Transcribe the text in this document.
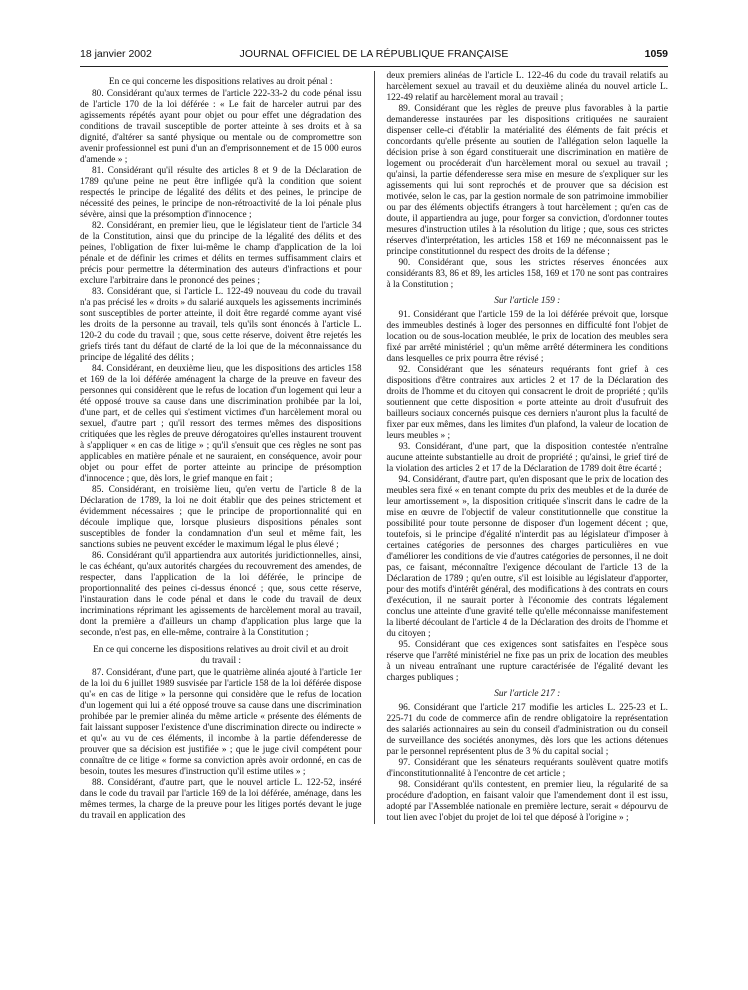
18 janvier 2002	JOURNAL OFFICIEL DE LA RÉPUBLIQUE FRANÇAISE	1059

En ce qui concerne les dispositions relatives au droit pénal :

80. Considérant qu'aux termes de l'article 222-33-2 du code pénal issu de l'article 170 de la loi déférée : « Le fait de harceler autrui par des agissements répétés ayant pour objet ou pour effet une dégradation des conditions de travail susceptible de porter atteinte à ses droits et à sa dignité, d'altérer sa santé physique ou mentale ou de compromettre son avenir professionnel est puni d'un an d'emprisonnement et de 15 000 euros d'amende » ;

81. Considérant qu'il résulte des articles 8 et 9 de la Déclaration de 1789 qu'une peine ne peut être infligée qu'à la condition que soient respectés le principe de légalité des délits et des peines, le principe de nécessité des peines, le principe de non-rétroactivité de la loi pénale plus sévère, ainsi que la présomption d'innocence ;

82. Considérant, en premier lieu, que le législateur tient de l'article 34 de la Constitution, ainsi que du principe de la légalité des délits et des peines, l'obligation de fixer lui-même le champ d'application de la loi pénale et de définir les crimes et délits en termes suffisamment clairs et précis pour permettre la détermination des auteurs d'infractions et pour exclure l'arbitraire dans le prononcé des peines ;

83. Considérant que, si l'article L. 122-49 nouveau du code du travail n'a pas précisé les « droits » du salarié auxquels les agissements incriminés sont susceptibles de porter atteinte, il doit être regardé comme ayant visé les droits de la personne au travail, tels qu'ils sont énoncés à l'article L. 120-2 du code du travail ; que, sous cette réserve, doivent être rejetés les griefs tirés tant du défaut de clarté de la loi que de la méconnaissance du principe de légalité des délits ;

84. Considérant, en deuxième lieu, que les dispositions des articles 158 et 169 de la loi déférée aménagent la charge de la preuve en faveur des personnes qui considèrent que le refus de location d'un logement qui leur a été opposé trouve sa cause dans une discrimination prohibée par la loi, d'une part, et de celles qui s'estiment victimes d'un harcèlement moral ou sexuel, d'autre part ; qu'il ressort des termes mêmes des dispositions critiquées que les règles de preuve dérogatoires qu'elles instaurent trouvent à s'appliquer « en cas de litige » ; qu'il s'ensuit que ces règles ne sont pas applicables en matière pénale et ne sauraient, en conséquence, avoir pour objet ou pour effet de porter atteinte au principe de présomption d'innocence ; que, dès lors, le grief manque en fait ;

85. Considérant, en troisième lieu, qu'en vertu de l'article 8 de la Déclaration de 1789, la loi ne doit établir que des peines strictement et évidemment nécessaires ; que le principe de proportionnalité qui en découle implique que, lorsque plusieurs dispositions pénales sont susceptibles de fonder la condamnation d'un seul et même fait, les sanctions subies ne peuvent excéder le maximum légal le plus élevé ;

86. Considérant qu'il appartiendra aux autorités juridictionnelles, ainsi, le cas échéant, qu'aux autorités chargées du recouvrement des amendes, de respecter, dans l'application de la loi déférée, le principe de proportionnalité des peines ci-dessus énoncé ; que, sous cette réserve, l'instauration dans le code pénal et dans le code du travail de deux incriminations réprimant les agissements de harcèlement moral au travail, dont la première a d'ailleurs un champ d'application plus large que la seconde, n'est pas, en elle-même, contraire à la Constitution ;

En ce qui concerne les dispositions relatives au droit civil et au droit du travail :

87. Considérant, d'une part, que le quatrième alinéa ajouté à l'article 1er de la loi du 6 juillet 1989 susvisée par l'article 158 de la loi déférée dispose qu'« en cas de litige » la personne qui considère que le refus de location d'un logement qui lui a été opposé trouve sa cause dans une discrimination prohibée par le premier alinéa du même article « présente des éléments de fait laissant supposer l'existence d'une discrimination directe ou indirecte » et qu'« au vu de ces éléments, il incombe à la partie défenderesse de prouver que sa décision est justifiée » ; que le juge civil compétent pour connaître de ce litige « forme sa conviction après avoir ordonné, en cas de besoin, toutes les mesures d'instruction qu'il estime utiles » ;

88. Considérant, d'autre part, que le nouvel article L. 122-52, inséré dans le code du travail par l'article 169 de la loi déférée, aménage, dans les mêmes termes, la charge de la preuve pour les litiges portés devant le juge du travail en application des

deux premiers alinéas de l'article L. 122-46 du code du travail relatifs au harcèlement sexuel au travail et du deuxième alinéa du nouvel article L. 122-49 relatif au harcèlement moral au travail ;

89. Considérant que les règles de preuve plus favorables à la partie demanderesse instaurées par les dispositions critiquées ne sauraient dispenser celle-ci d'établir la matérialité des éléments de fait précis et concordants qu'elle présente au soutien de l'allégation selon laquelle la décision prise à son égard constituerait une discrimination en matière de logement ou procéderait d'un harcèlement moral ou sexuel au travail ; qu'ainsi, la partie défenderesse sera mise en mesure de s'expliquer sur les agissements qui lui sont reprochés et de prouver que sa décision est motivée, selon le cas, par la gestion normale de son patrimoine immobilier ou par des éléments objectifs étrangers à tout harcèlement ; qu'en cas de doute, il appartiendra au juge, pour forger sa conviction, d'ordonner toutes mesures d'instruction utiles à la résolution du litige ; que, sous ces strictes réserves d'interprétation, les articles 158 et 169 ne méconnaissent pas le principe constitutionnel du respect des droits de la défense ;

90. Considérant que, sous les strictes réserves énoncées aux considérants 83, 86 et 89, les articles 158, 169 et 170 ne sont pas contraires à la Constitution ;

Sur l'article 159 :

91. Considérant que l'article 159 de la loi déférée prévoit que, lorsque des immeubles destinés à loger des personnes en difficulté font l'objet de location ou de sous-location meublée, le prix de location des meubles sera fixé par arrêté ministériel ; qu'un même arrêté déterminera les conditions dans lesquelles ce prix pourra être révisé ;

92. Considérant que les sénateurs requérants font grief à ces dispositions d'être contraires aux articles 2 et 17 de la Déclaration des droits de l'homme et du citoyen qui consacrent le droit de propriété ; qu'ils soutiennent que cette disposition « porte atteinte au droit d'usufruit des bailleurs sociaux concernés puisque ces derniers n'auront plus la faculté de fixer par eux mêmes, dans les limites d'un plafond, la valeur de location de leurs meubles » ;

93. Considérant, d'une part, que la disposition contestée n'entraîne aucune atteinte substantielle au droit de propriété ; qu'ainsi, le grief tiré de la violation des articles 2 et 17 de la Déclaration de 1789 doit être écarté ;

94. Considérant, d'autre part, qu'en disposant que le prix de location des meubles sera fixé « en tenant compte du prix des meubles et de la durée de leur amortissement », la disposition critiquée s'inscrit dans le cadre de la mise en œuvre de l'objectif de valeur constitutionnelle que constitue la possibilité pour toute personne de disposer d'un logement décent ; que, toutefois, si le principe d'égalité n'interdit pas au législateur d'imposer à certaines catégories de personnes des charges particulières en vue d'améliorer les conditions de vie d'autres catégories de personnes, il ne doit pas, ce faisant, méconnaître l'exigence découlant de l'article 13 de la Déclaration de 1789 ; qu'en outre, s'il est loisible au législateur d'apporter, pour des motifs d'intérêt général, des modifications à des contrats en cours d'exécution, il ne saurait porter à l'économie des contrats légalement conclus une atteinte d'une gravité telle qu'elle méconnaisse manifestement la liberté découlant de l'article 4 de la Déclaration des droits de l'homme et du citoyen ;

95. Considérant que ces exigences sont satisfaites en l'espèce sous réserve que l'arrêté ministériel ne fixe pas un prix de location des meubles à un niveau entraînant une rupture caractérisée de l'égalité devant les charges publiques ;

Sur l'article 217 :

96. Considérant que l'article 217 modifie les articles L. 225-23 et L. 225-71 du code de commerce afin de rendre obligatoire la représentation des salariés actionnaires au sein du conseil d'administration ou du conseil de surveillance des sociétés anonymes, dès lors que les actions détenues par le personnel représentent plus de 3 % du capital social ;

97. Considérant que les sénateurs requérants soulèvent quatre motifs d'inconstitutionnalité à l'encontre de cet article ;

98. Considérant qu'ils contestent, en premier lieu, la régularité de sa procédure d'adoption, en faisant valoir que l'amendement dont il est issu, adopté par l'Assemblée nationale en première lecture, serait « dépourvu de tout lien avec l'objet du projet de loi tel que déposé à l'origine » ;
